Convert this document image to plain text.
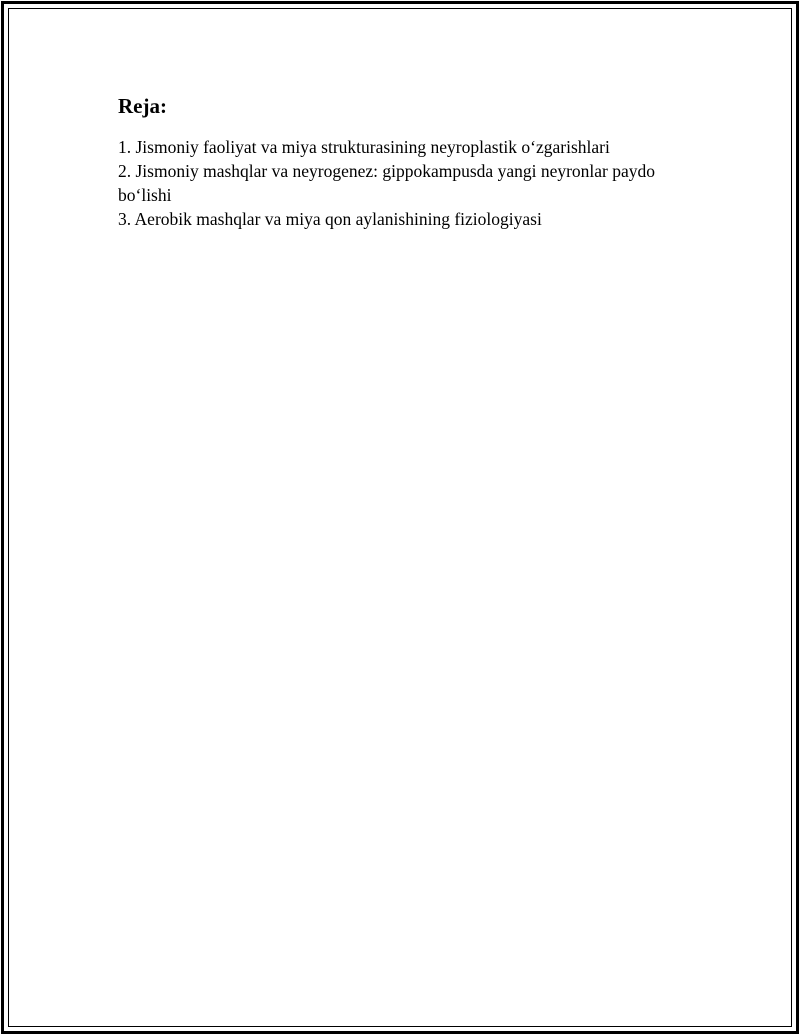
Reja:
1. Jismoniy faoliyat va miya strukturasining neyroplastik o‘zgarishlari
2. Jismoniy mashqlar va neyrogenez: gippokampusda yangi neyronlar paydo bo‘lishi
3. Aerobik mashqlar va miya qon aylanishining fiziologiyasi
